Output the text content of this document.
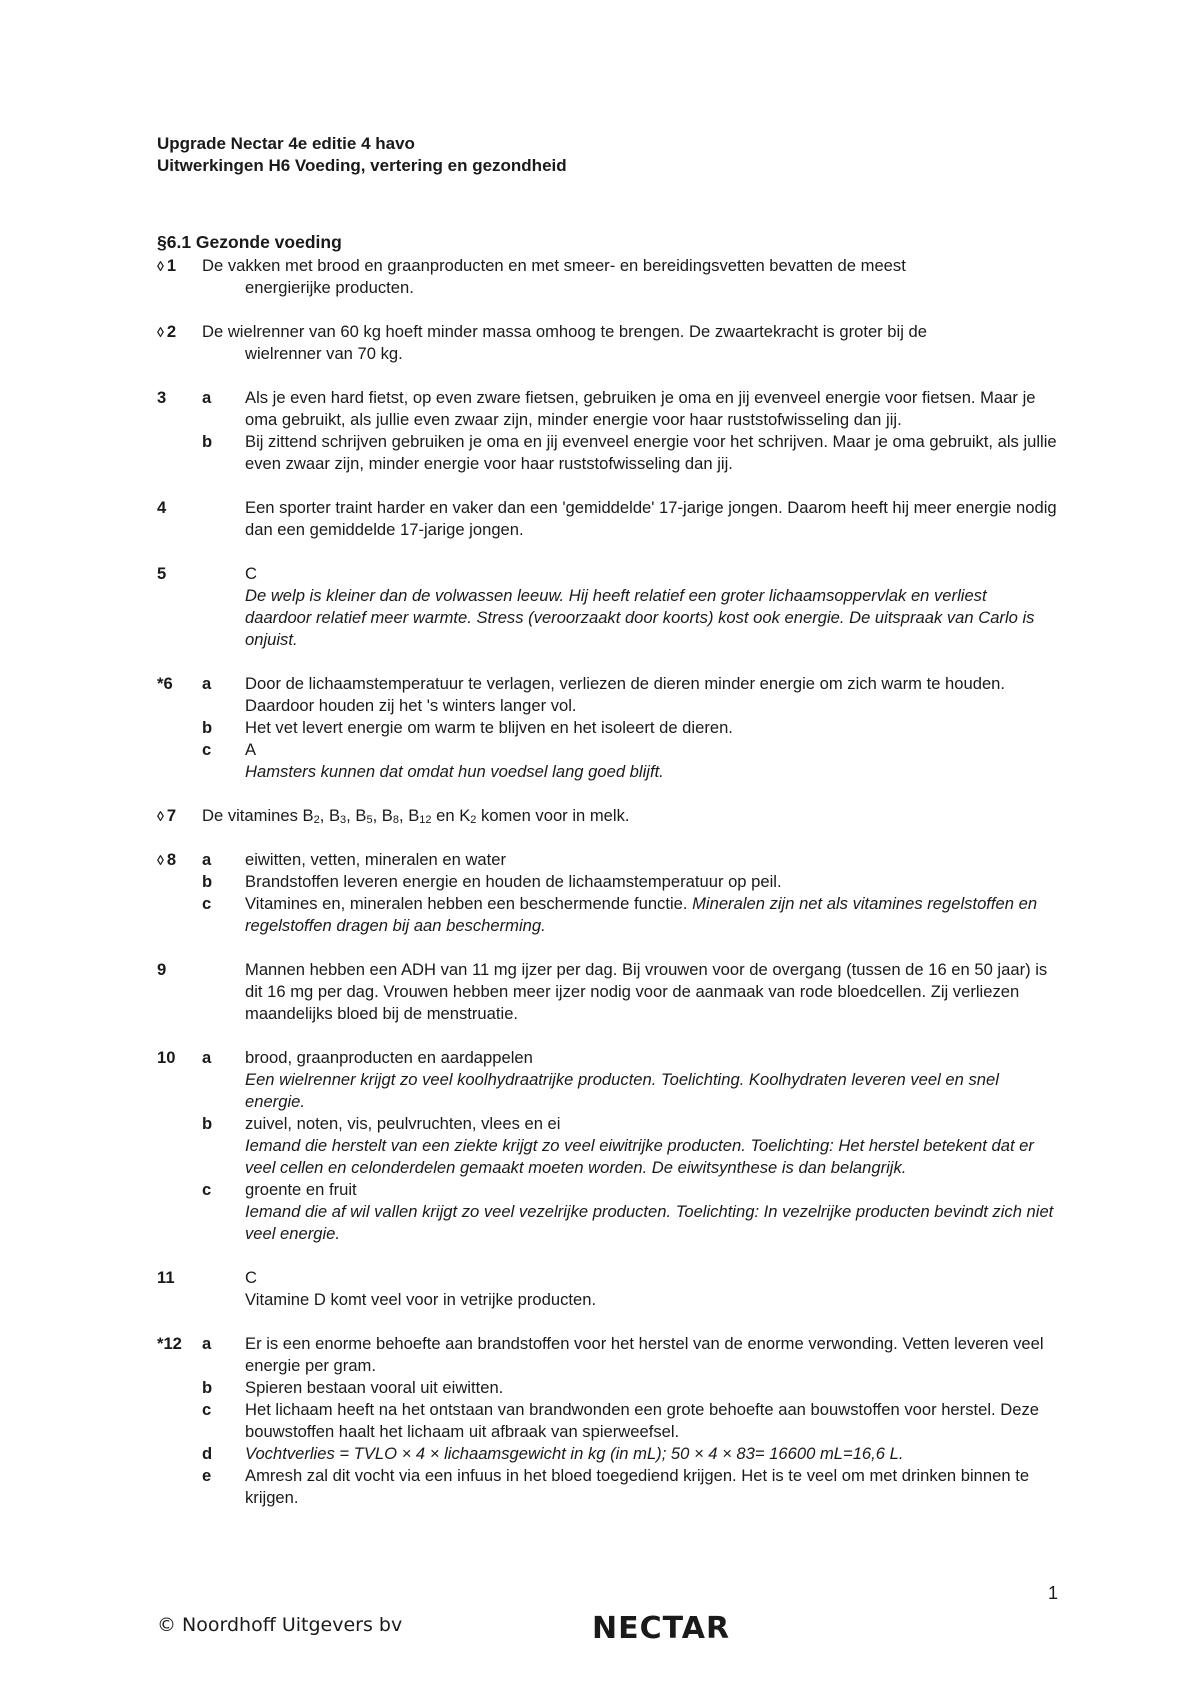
Upgrade Nectar 4e editie 4 havo
Uitwerkingen H6 Voeding, vertering en gezondheid
§6.1 Gezonde voeding
◊ 1	De vakken met brood en graanproducten en met smeer- en bereidingsvetten bevatten de meest
energierijke producten.
◊ 2	De wielrenner van 60 kg hoeft minder massa omhoog te brengen. De zwaartekracht is groter bij de
wielrenner van 70 kg.
3	a Als je even hard fietst, op even zware fietsen, gebruiken je oma en jij evenveel energie voor fietsen. Maar je oma gebruikt, als jullie even zwaar zijn, minder energie voor haar ruststofwisseling dan jij.
b Bij zittend schrijven gebruiken je oma en jij evenveel energie voor het schrijven. Maar je oma gebruikt, als jullie even zwaar zijn, minder energie voor haar ruststofwisseling dan jij.
4	Een sporter traint harder en vaker dan een 'gemiddelde' 17-jarige jongen. Daarom heeft hij meer energie nodig dan een gemiddelde 17-jarige jongen.
5	C
De welp is kleiner dan de volwassen leeuw. Hij heeft relatief een groter lichaamsoppervlak en verliest daardoor relatief meer warmte. Stress (veroorzaakt door koorts) kost ook energie. De uitspraak van Carlo is onjuist.
*6	a Door de lichaamstemperatuur te verlagen, verliezen de dieren minder energie om zich warm te houden. Daardoor houden zij het 's winters langer vol.
b Het vet levert energie om warm te blijven en het isoleert de dieren.
c A
Hamsters kunnen dat omdat hun voedsel lang goed blijft.
◊ 7	De vitamines $B_2$, $B_3$, $B_5$, $B_8$, $B_{12}$ en $K_2$ komen voor in melk.
◊ 8	a eiwitten, vetten, mineralen en water
b Brandstoffen leveren energie en houden de lichaamstemperatuur op peil.
c Vitamines en, mineralen hebben een beschermende functie. Mineralen zijn net als vitamines regelstoffen en regelstoffen dragen bij aan bescherming.
9	Mannen hebben een ADH van 11 mg ijzer per dag. Bij vrouwen voor de overgang (tussen de 16 en 50 jaar) is dit 16 mg per dag. Vrouwen hebben meer ijzer nodig voor de aanmaak van rode bloedcellen. Zij verliezen maandelijks bloed bij de menstruatie.
10	a brood, graanproducten en aardappelen
Een wielrenner krijgt zo veel koolhydraatrijke producten. Toelichting. Koolhydraten leveren veel en snel energie.
b zuivel, noten, vis, peulvruchten, vlees en ei
Iemand die herstelt van een ziekte krijgt zo veel eiwitrijke producten. Toelichting: Het herstel betekent dat er veel cellen en celonderdelen gemaakt moeten worden. De eiwitsynthese is dan belangrijk.
c groente en fruit
Iemand die af wil vallen krijgt zo veel vezelrijke producten. Toelichting: In vezelrijke producten bevindt zich niet veel energie.
11	C
Vitamine D komt veel voor in vetrijke producten.
*12	a Er is een enorme behoefte aan brandstoffen voor het herstel van de enorme verwonding. Vetten leveren veel energie per gram.
b Spieren bestaan vooral uit eiwitten.
c Het lichaam heeft na het ontstaan van brandwonden een grote behoefte aan bouwstoffen voor herstel. Deze bouwstoffen haalt het lichaam uit afbraak van spierweefsel.
d Vochtverlies = TVLO × 4 × lichaamsgewicht in kg (in mL); 50 × 4 × 83= 16600 mL=16,6 L.
e Amresh zal dit vocht via een infuus in het bloed toegediend krijgen. Het is te veel om met drinken binnen te krijgen.
1
© Noordhoff Uitgevers bv	NECTAR
